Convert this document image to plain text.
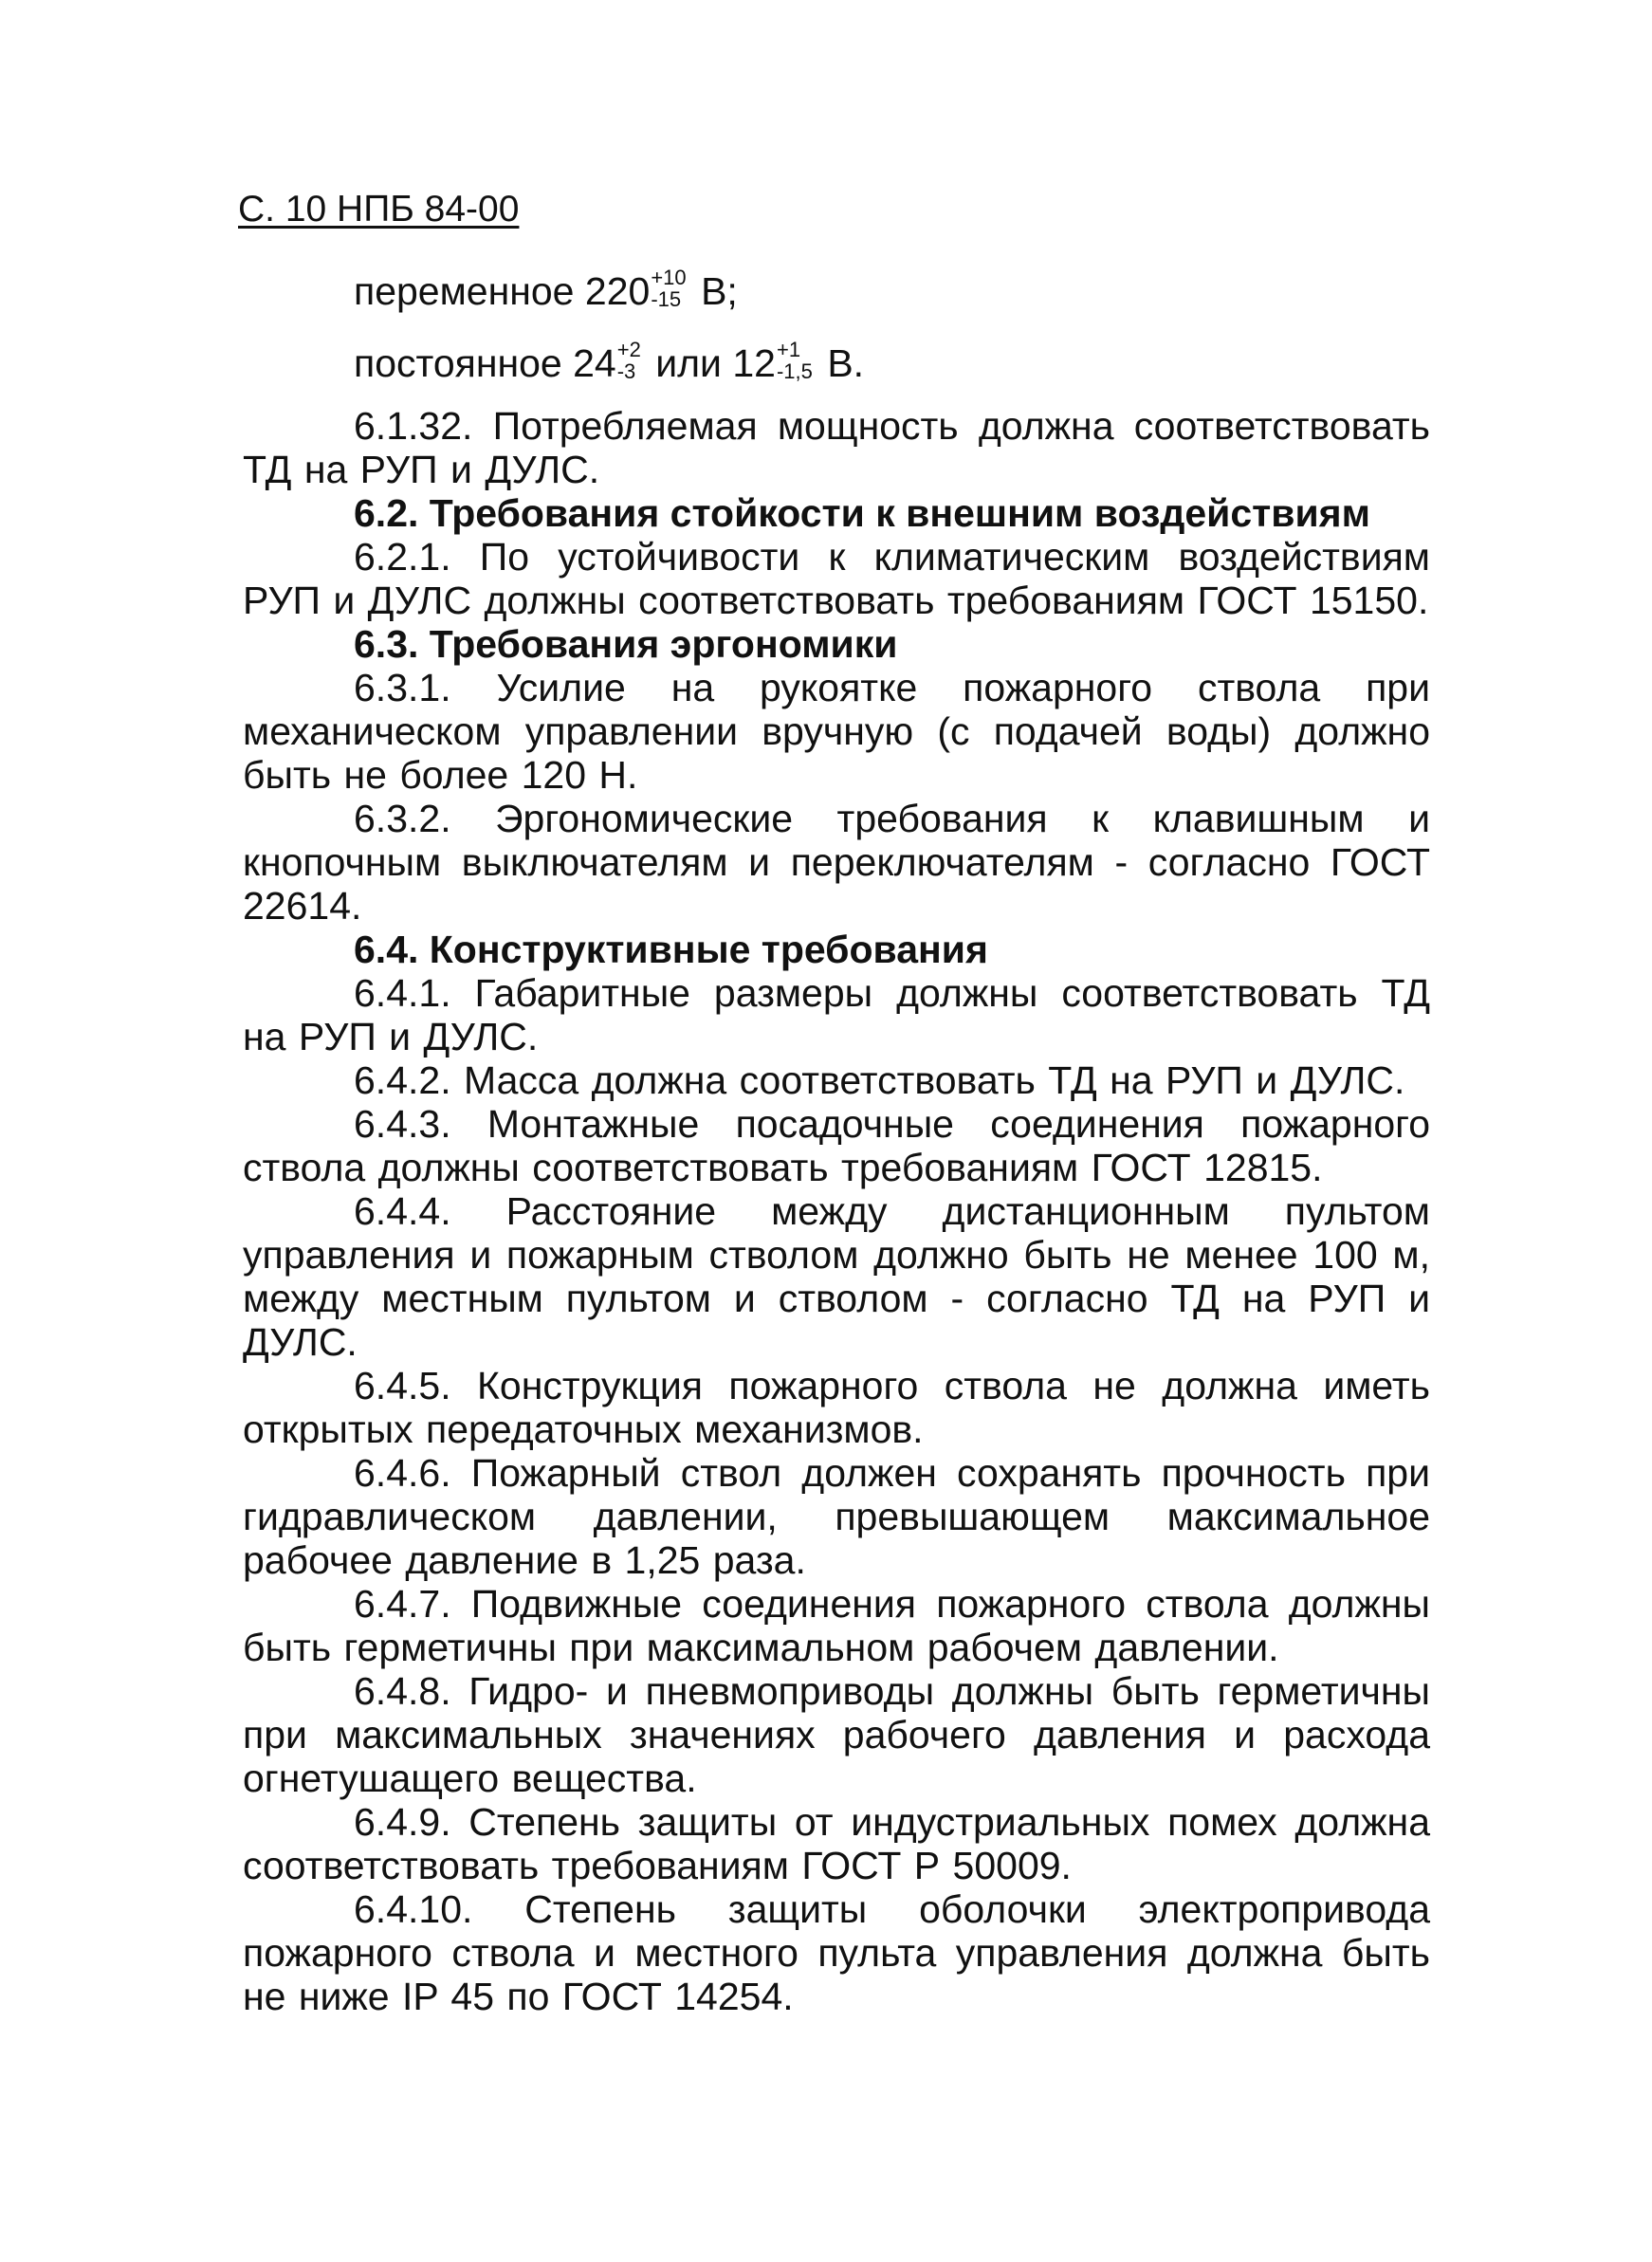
С. 10 НПБ 84-00
переменное 220 +10
-15 В;
постоянное 24 +2
-3 или 12 +1
-1,5 В.

6.1.32. Потребляемая мощность должна соответствовать ТД на РУП и ДУЛС.

6.2. Требования стойкости к внешним воздействиям

6.2.1. По устойчивости к климатическим воздействиям РУП и ДУЛС должны соответствовать требованиям ГОСТ 15150.

6.3. Требования эргономики

6.3.1. Усилие на рукоятке пожарного ствола при механическом управлении вручную (с подачей воды) должно быть не более 120 Н.

6.3.2. Эргономические требования к клавишным и кнопочным выключателям и переключателям - согласно ГОСТ 22614.

6.4. Конструктивные требования

6.4.1. Габаритные размеры должны соответствовать ТД на РУП и ДУЛС.

6.4.2. Масса должна соответствовать ТД на РУП и ДУЛС.

6.4.3. Монтажные посадочные соединения пожарного ствола должны соответствовать требованиям ГОСТ 12815.

6.4.4. Расстояние между дистанционным пультом управления и пожарным стволом должно быть не менее 100 м, между местным пультом и стволом - согласно ТД на РУП и ДУЛС.

6.4.5. Конструкция пожарного ствола не должна иметь открытых передаточных механизмов.

6.4.6. Пожарный ствол должен сохранять прочность при гидравлическом давлении, превышающем максимальное рабочее давление в 1,25 раза.

6.4.7. Подвижные соединения пожарного ствола должны быть герметичны при максимальном рабочем давлении.

6.4.8. Гидро- и пневмоприводы должны быть герметичны при максимальных значениях рабочего давления и расхода огнетушащего вещества.

6.4.9. Степень защиты от индустриальных помех должна соответствовать требованиям ГОСТ Р 50009.

6.4.10. Степень защиты оболочки электропривода пожарного ствола и местного пульта управления должна быть не ниже IP 45 по ГОСТ 14254.
